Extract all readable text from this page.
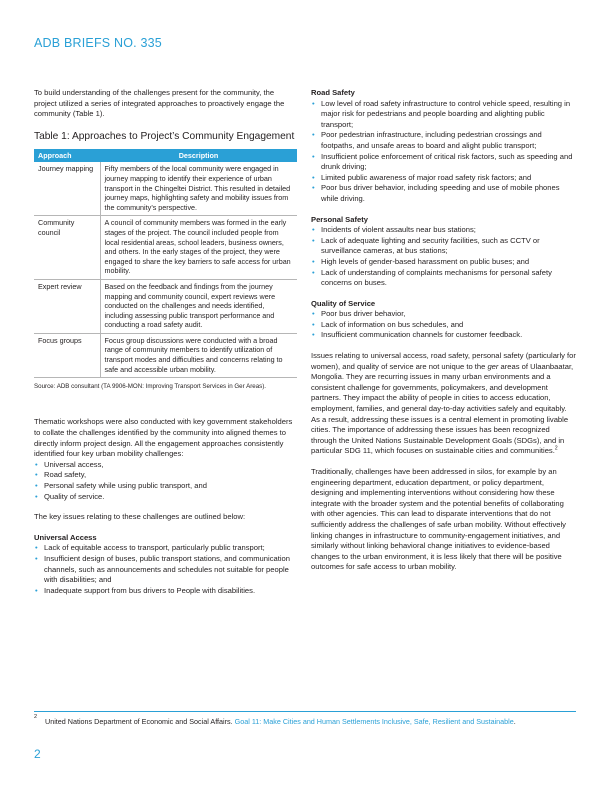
ADB BRIEFS NO. 335

To build understanding of the challenges present for the community, the project utilized a series of integrated approaches to proactively engage the community (Table 1).

Table 1: Approaches to Project’s Community Engagement
Approach	Description
Journey mapping	Fifty members of the local community were engaged in journey mapping to identify their experience of urban transport in the Chingeltei District. This resulted in detailed journey maps, highlighting safety and mobility issues from the community’s perspective.
Community council	A council of community members was formed in the early stages of the project. The council included people from local residential areas, school leaders, business owners, and others. In the early stages of the project, they were engaged to share the key barriers to safe access for urban mobility.
Expert review	Based on the feedback and findings from the journey mapping and community council, expert reviews were conducted on the challenges and needs identified, including assessing public transport performance and conducting a road safety audit.
Focus groups	Focus group discussions were conducted with a broad range of community members to identify utilization of transport modes and difficulties and concerns relating to safe and accessible urban mobility.
Source: ADB consultant (TA 9906-MON: Improving Transport Services in Ger Areas).

Thematic workshops were also conducted with key government stakeholders to collate the challenges identified by the community into aligned themes to directly inform project design. All the engagement approaches consistently identified four key urban mobility challenges:

• Universal access,
• Road safety,
• Personal safety while using public transport, and
• Quality of service.

The key issues relating to these challenges are outlined below:

Universal Access
• Lack of equitable access to transport, particularly public transport;
• Insufficient design of buses, public transport stations, and communication channels, such as announcements and schedules not suitable for people with disabilities; and
• Inadequate support from bus drivers to People with disabilities.
Road Safety
• Low level of road safety infrastructure to control vehicle speed, resulting in major risk for pedestrians and people boarding and alighting public transport;
• Poor pedestrian infrastructure, including pedestrian crossings and footpaths, and unsafe areas to board and alight public transport;
• Insufficient police enforcement of critical risk factors, such as speeding and drunk driving;
• Limited public awareness of major road safety risk factors; and
• Poor bus driver behavior, including speeding and use of mobile phones while driving.
Personal Safety
• Incidents of violent assaults near bus stations;
• Lack of adequate lighting and security facilities, such as CCTV or surveillance cameras, at bus stations;
• High levels of gender-based harassment on public buses; and
• Lack of understanding of complaints mechanisms for personal safety concerns on buses.
Quality of Service
• Poor bus driver behavior,
• Lack of information on bus schedules, and
• Insufficient communication channels for customer feedback.

Issues relating to universal access, road safety, personal safety (particularly for women), and quality of service are not unique to the ger areas of Ulaanbaatar, Mongolia. They are recurring issues in many urban environments and a consistent challenge for governments, policymakers, and development partners. They impact the ability of people in cities to access education, employment, families, and general day-to-day activities safely and equitably. As a result, addressing these issues is a central element in promoting livable cities. The importance of addressing these issues has been recognized through the United Nations Sustainable Development Goals (SDGs), and in particular SDG 11, which focuses on sustainable cities and communities.$^2$

Traditionally, challenges have been addressed in silos, for example by an engineering department, education department, or policy department, designing and implementing interventions without considering how these integrate with the broader system and the potential benefits of collaborating with other agencies. This can lead to disparate interventions that do not sufficiently address the challenges of safe urban mobility. Without effectively linking changes in infrastructure to community-engagement initiatives, and similarly without linking behavioral change initiatives to evidence-based changes to the urban environment, it is less likely that there will be positive outcomes for safe access to urban mobility.

2	United Nations Department of Economic and Social Affairs. Goal 11: Make Cities and Human Settlements Inclusive, Safe, Resilient and Sustainable.
2
